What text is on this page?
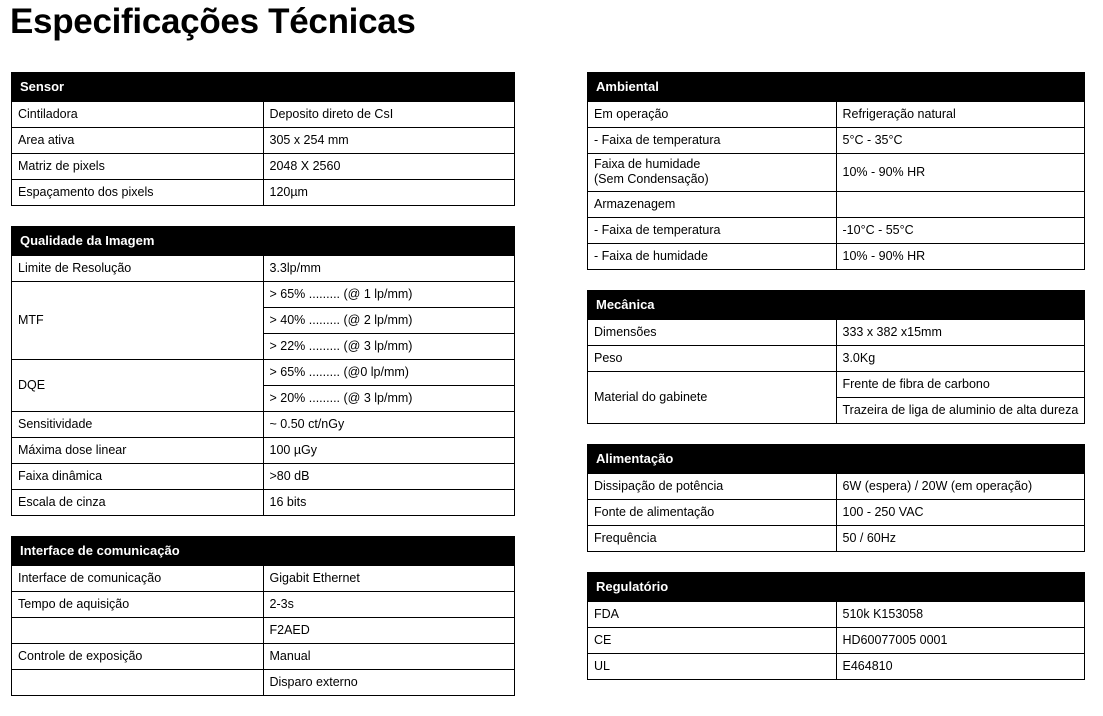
Especificações Técnicas
Sensor	
Cintiladora	Deposito direto de CsI
Area ativa	305 x 254 mm
Matriz de pixels	2048 X 2560
Espaçamento dos pixels	120µm
Qualidade da Imagem	
Limite de Resolução	3.3lp/mm
MTF	> 65% ......... (@ 1 lp/mm)
	> 40% ......... (@ 2 lp/mm)
	> 22% ......... (@ 3 lp/mm)
DQE	> 65% ......... (@0 lp/mm)
	> 20% ......... (@ 3 lp/mm)
Sensitividade	~ 0.50 ct/nGy
Máxima dose linear	100 µGy
Faixa dinâmica	>80 dB
Escala de cinza	16 bits
Interface de comunicação	
Interface de comunicação	Gigabit Ethernet
Tempo de aquisição	2-3s
	F2AED
Controle de exposição	Manual
	Disparo externo
Ambiental	
Em operação	Refrigeração natural
- Faixa de temperatura	5°C - 35°C
Faixa de humidade
(Sem Condensação)	10% - 90% HR
Armazenagem	
- Faixa de temperatura	-10°C - 55°C
- Faixa de humidade	10% - 90% HR
Mecânica	
Dimensões	333 x 382 x15mm
Peso	3.0Kg
Material do gabinete	Frente de fibra de carbono
	Trazeira de liga de aluminio de alta dureza
Alimentação	
Dissipação de potência	6W (espera) / 20W (em operação)
Fonte de alimentação	100 - 250 VAC
Frequência	50 / 60Hz
Regulatório	
FDA	510k K153058
CE	HD60077005 0001
UL	E464810
